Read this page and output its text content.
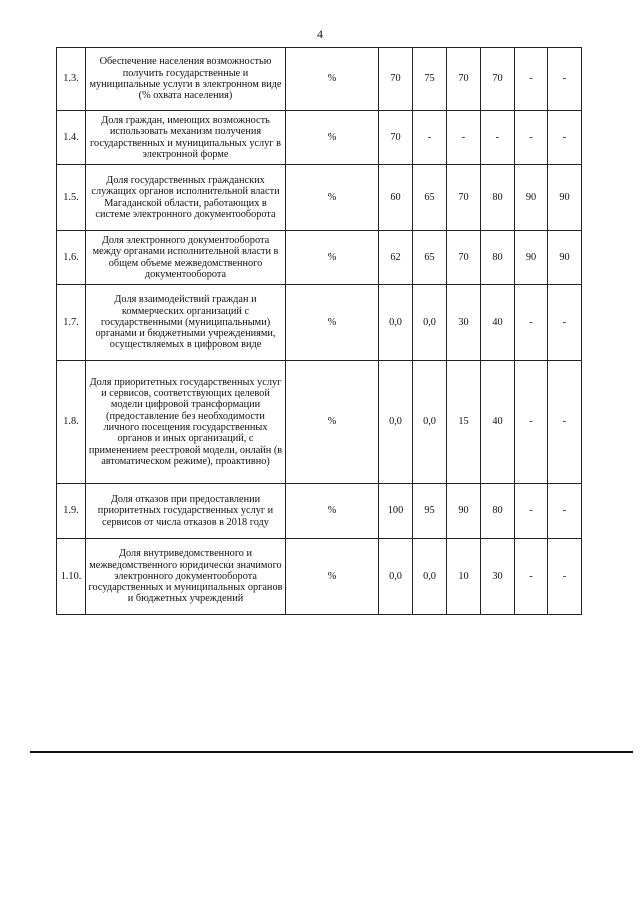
4
1.3.	Обеспечение населения возможностью получить государственные и муниципальные услуги в электронном виде (% охвата населения)	%	70	75	70	70	-	-
1.4.	Доля граждан, имеющих возможность использовать механизм получения государственных и муниципальных услуг в электронной форме	%	70	-	-	-	-	-
1.5.	Доля государственных гражданских служащих органов исполнительной власти Магаданской области, работающих в системе электронного документооборота	%	60	65	70	80	90	90
1.6.	Доля электронного документооборота между органами исполнительной власти в общем объеме межведомственного документооборота	%	62	65	70	80	90	90
1.7.	Доля взаимодействий граждан и коммерческих организаций с государственными (муниципальными) органами и бюджетными учреждениями, осуществляемых в цифровом виде	%	0,0	0,0	30	40	-	-
1.8.	Доля приоритетных государственных услуг и сервисов, соответствующих целевой модели цифровой трансформации (предоставление без необходимости личного посещения государственных органов и иных организаций, с применением реестровой модели, онлайн (в автоматическом режиме), проактивно)	%	0,0	0,0	15	40	-	-
1.9.	Доля отказов при предоставлении приоритетных государственных услуг и сервисов от числа отказов в 2018 году	%	100	95	90	80	-	-
1.10.	Доля внутриведомственного и межведомственного юридически значимого электронного документооборота государственных и муниципальных органов и бюджетных учреждений	%	0,0	0,0	10	30	-	-
